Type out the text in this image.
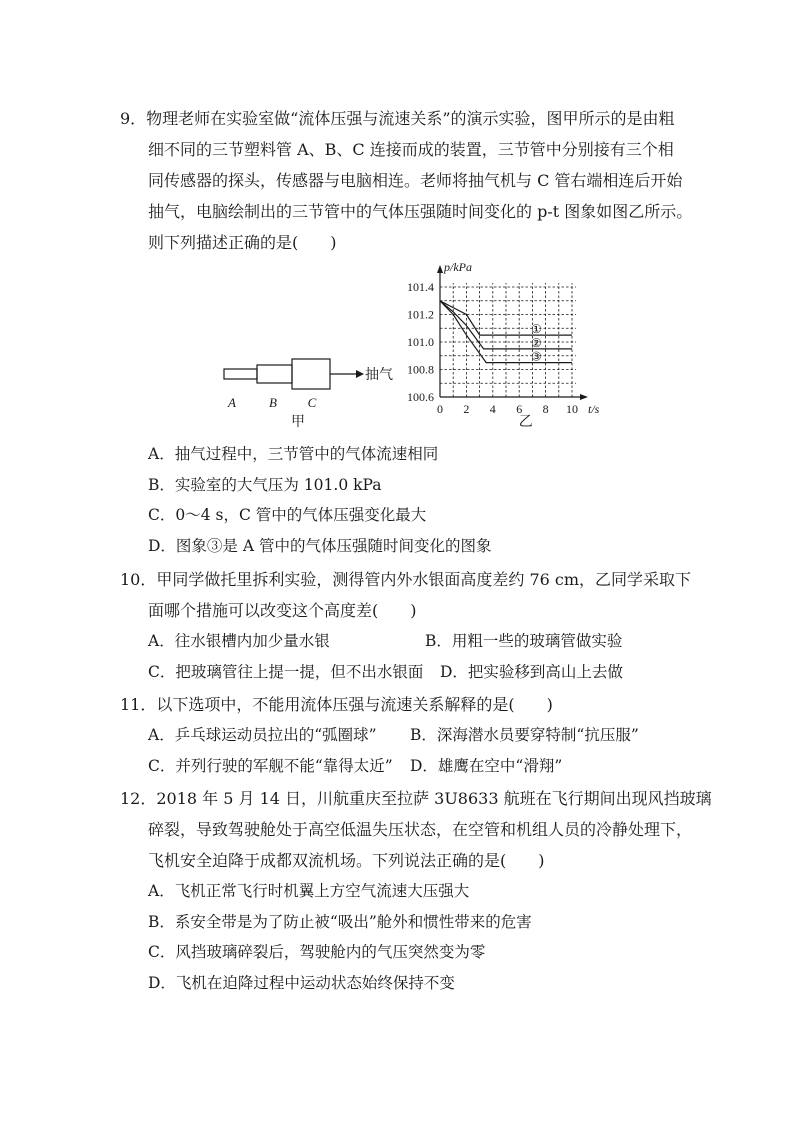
9．物理老师在实验室做“流体压强与流速关系”的演示实验，图甲所示的是由粗
细不同的三节塑料管 A、B、C 连接而成的装置，三节管中分别接有三个相
同传感器的探头，传感器与电脑相连。老师将抽气机与 C 管右端相连后开始
抽气，电脑绘制出的三节管中的气体压强随时间变化的 p-t 图象如图乙所示。
则下列描述正确的是(　　)
抽气
A	B C
甲
p/kPa
t/s
0 2 4 6 8 10
100.6
100.8
101.0
101.2
101.4
①
②
③
乙
A．抽气过程中，三节管中的气体流速相同
B．实验室的大气压为 101.0 kPa
C．0～4 s，C 管中的气体压强变化最大
D．图象③是 A 管中的气体压强随时间变化的图象
10．甲同学做托里拆利实验，测得管内外水银面高度差约 76 cm，乙同学采取下
面哪个措施可以改变这个高度差(　　)
A．往水银槽内加少量水银	B．用粗一些的玻璃管做实验
C．把玻璃管往上提一提，但不出水银面	D．把实验移到高山上去做
11．以下选项中，不能用流体压强与流速关系解释的是(　　)
A．乒乓球运动员拉出的“弧圈球”	B．深海潜水员要穿特制“抗压服”
C．并列行驶的军舰不能“靠得太近”	D．雄鹰在空中“滑翔”
12．2018 年 5 月 14 日，川航重庆至拉萨 3U8633 航班在飞行期间出现风挡玻璃
碎裂，导致驾驶舱处于高空低温失压状态，在空管和机组人员的冷静处理下，
飞机安全迫降于成都双流机场。下列说法正确的是(　　)
A．飞机正常飞行时机翼上方空气流速大压强大
B．系安全带是为了防止被“吸出”舱外和惯性带来的危害
C．风挡玻璃碎裂后，驾驶舱内的气压突然变为零
D．飞机在迫降过程中运动状态始终保持不变
